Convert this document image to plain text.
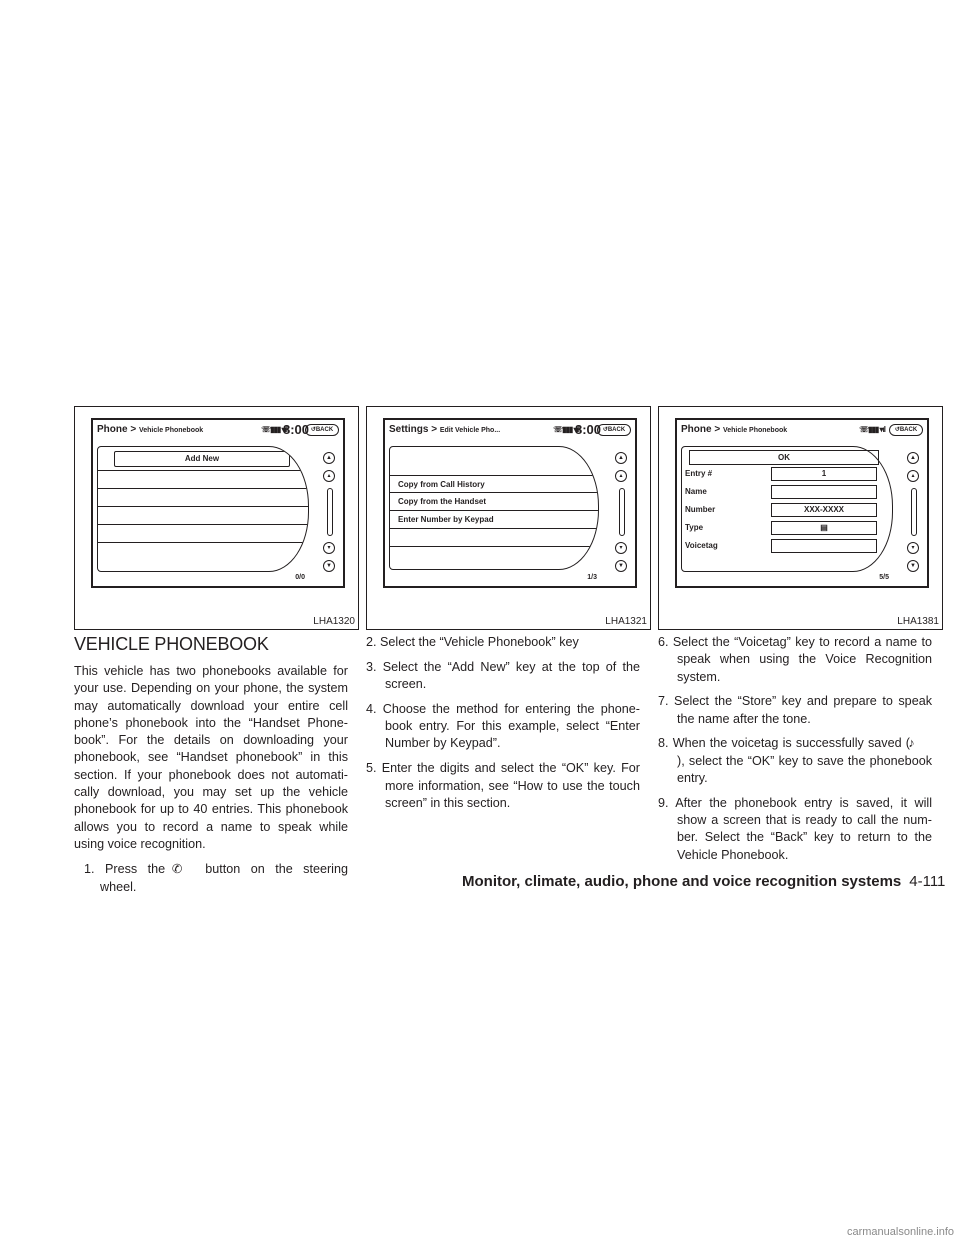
Phone > Vehicle Phonebook	☏▮▮▮ ▾ıl
8:00 ↺BACK
Add New	▲
▴
▾
▼
0/0
LHA1320
Settings > Edit Vehicle Pho...	☏▮▮▮ ▾ıl
8:00 ↺BACK
Copy from Call History
Copy from the Handset
Enter Number by Keypad
▲
▴
▾
▼
1/3
LHA1321
Phone > Vehicle Phonebook	☏▮▮▮ ▾ıl	↺BACK
OK
Entry #	1
Name
Number	XXX-XXXX
Type	▤
Voicetag
▲
▴
▾
▼
5/5
LHA1381
VEHICLE PHONEBOOK

This vehicle has two phonebooks available for your use. Depending on your phone, the system may automatically download your entire cell phone’s phonebook into the “Handset Phone-book”. For the details on downloading your phonebook, see “Handset phonebook” in this section. If your phonebook does not automati-cally download, you may set up the vehicle phonebook for up to 40 entries. This phonebook allows you to record a name to speak while using voice recognition.

1. Press the ✆ button on the steering wheel.

2. Select the “Vehicle Phonebook” key

3. Select the “Add New” key at the top of the screen.

4. Choose the method for entering the phone-book entry. For this example, select “Enter Number by Keypad”.

5. Enter the digits and select the “OK” key. For more information, see “How to use the touch screen” in this section.

6. Select the “Voicetag” key to record a name to speak when using the Voice Recognition system.

7. Select the “Store” key and prepare to speak the name after the tone.

8. When the voicetag is successfully saved (♪), select the “OK” key to save the phonebook entry.

9. After the phonebook entry is saved, it will show a screen that is ready to call the num-ber. Select the “Back” key to return to the Vehicle Phonebook.

Monitor, climate, audio, phone and voice recognition systems 4-111
carmanualsonline.info
